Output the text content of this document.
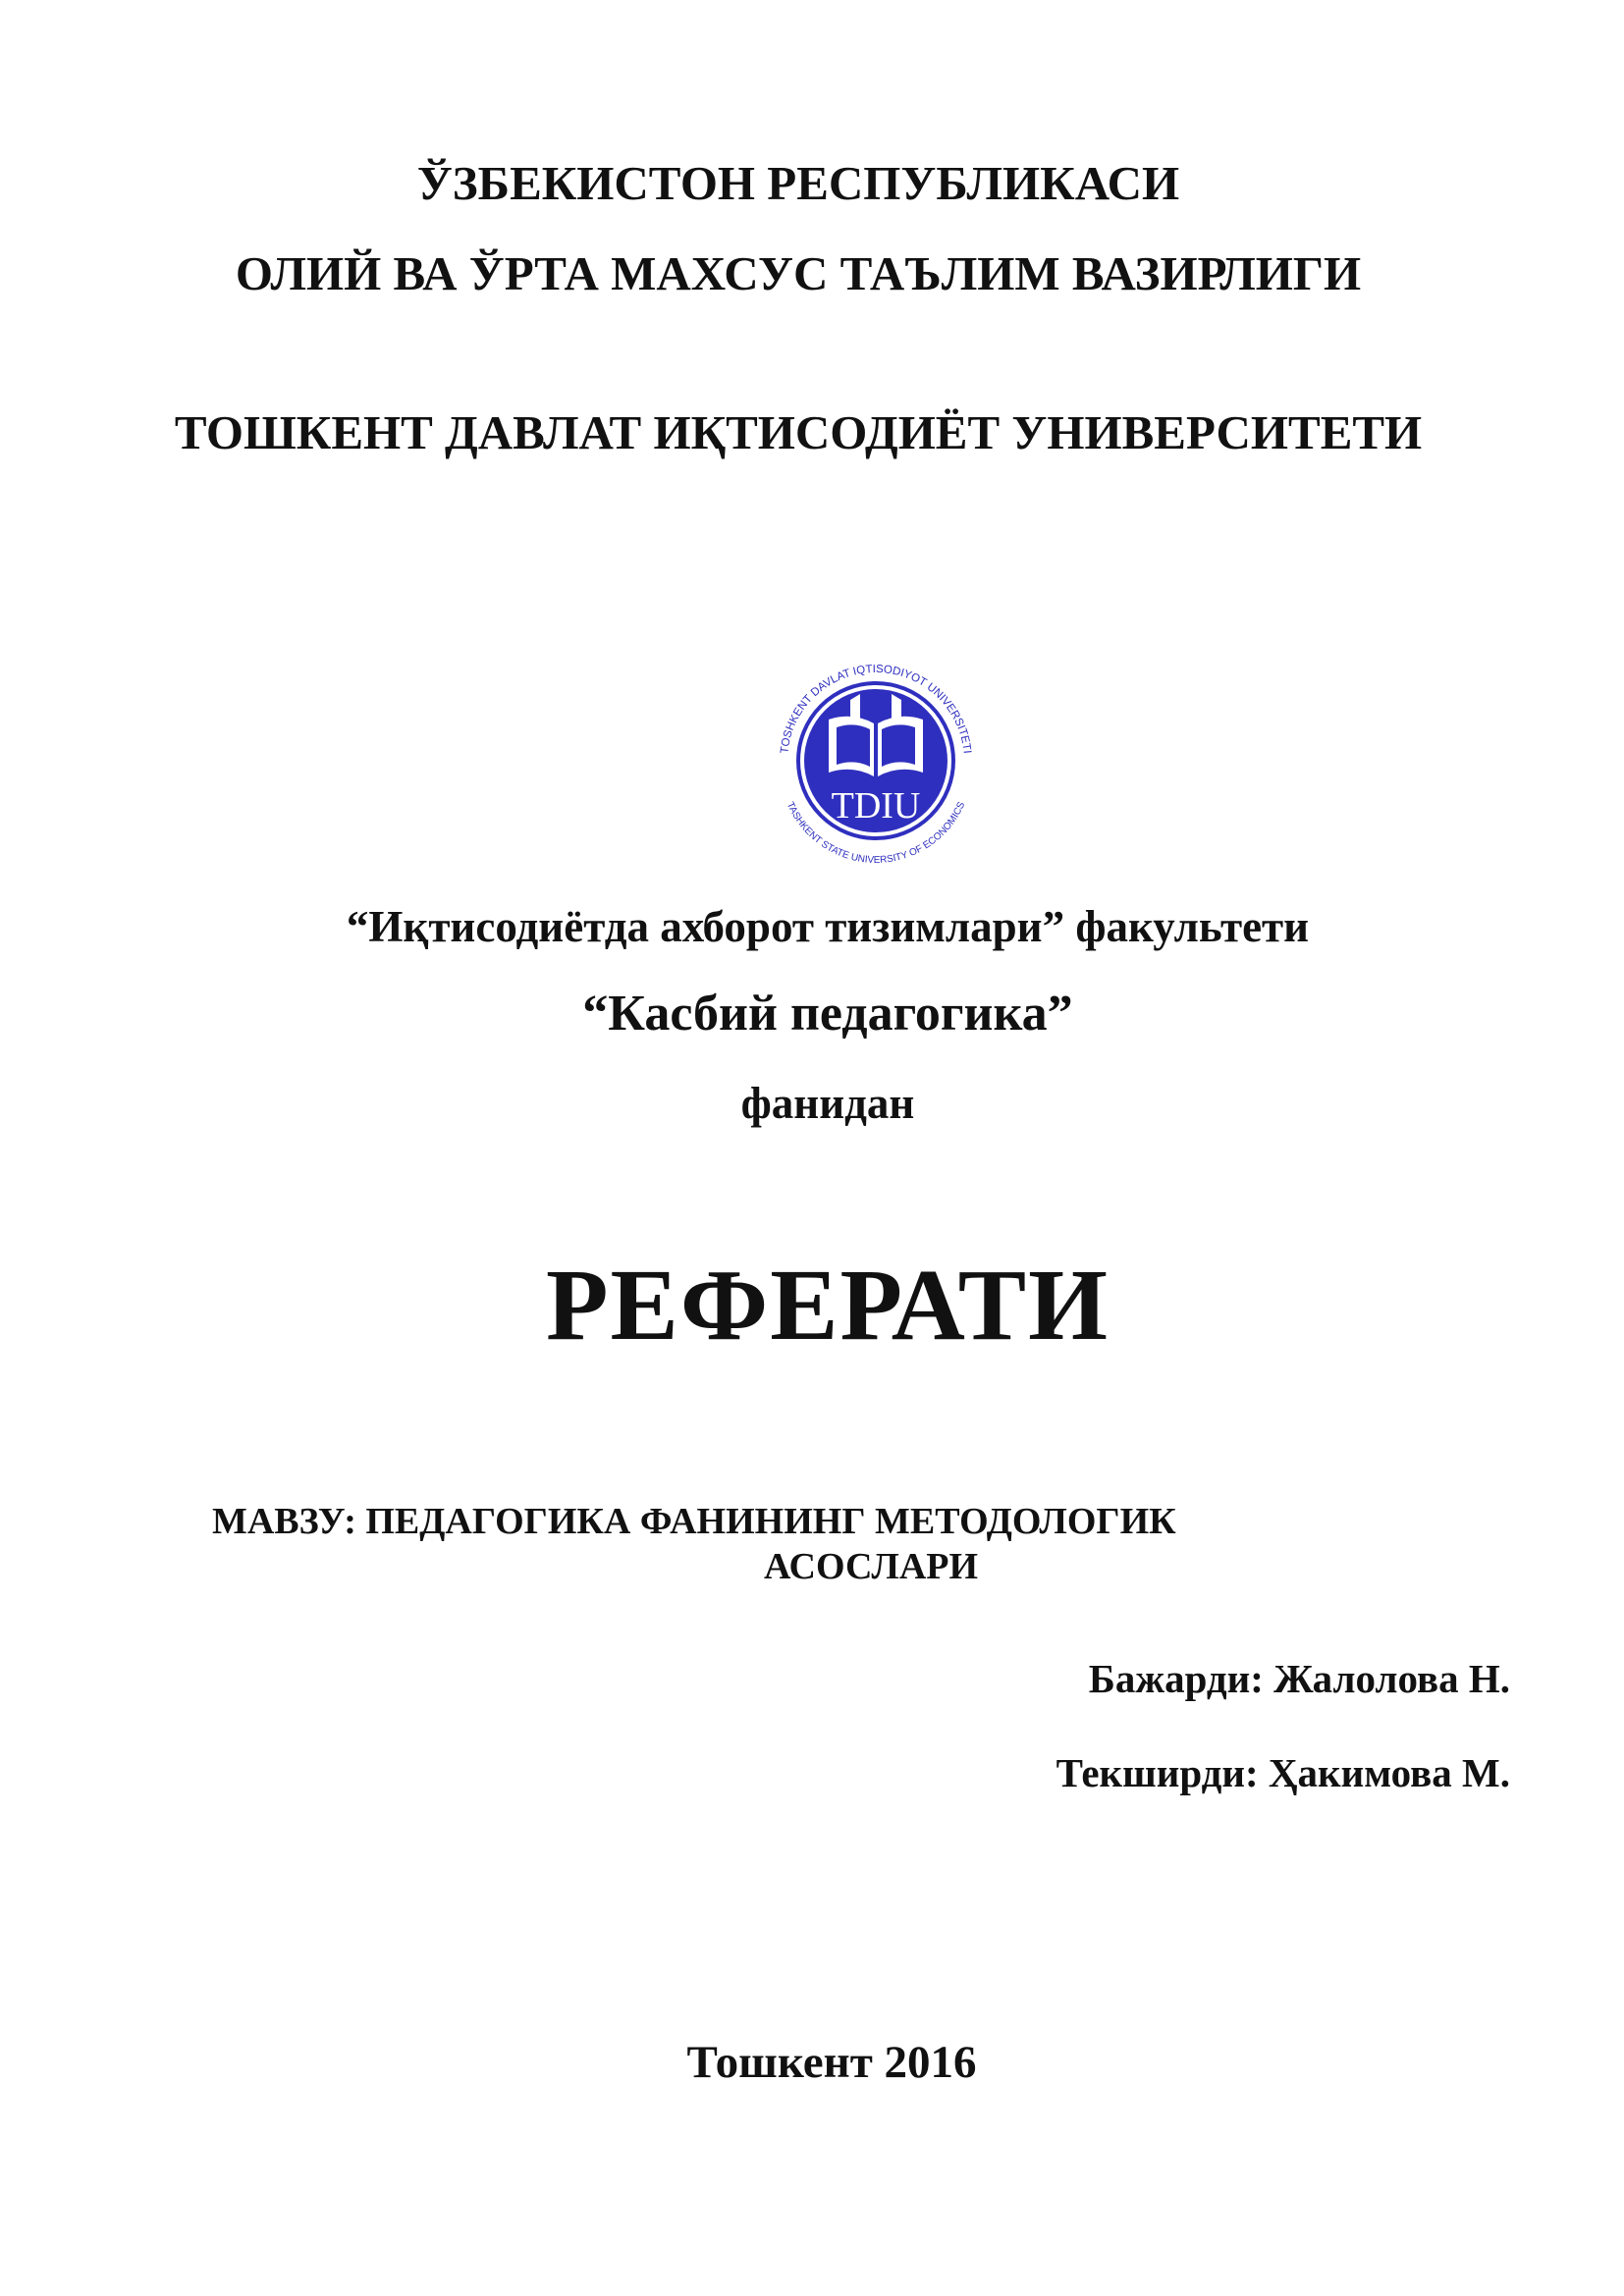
ЎЗБЕКИСТОН РЕСПУБЛИКАСИ
ОЛИЙ ВА ЎРТА МАХСУС ТАЪЛИМ ВАЗИРЛИГИ
ТОШКЕНТ ДАВЛАТ ИҚТИСОДИЁТ УНИВЕРСИТЕТИ
TDIU
TOSHKENT DAVLAT IQTISODIYOT UNIVERSITETI
TASHKENT STATE UNIVERSITY OF ECONOMICS
“Иқтисодиётда ахборот тизимлари” факультети
“Касбий педагогика”
фанидан
РЕФЕРАТИ
МАВЗУ: ПЕДАГОГИКА ФАНИНИНГ МЕТОДОЛОГИК
АСОСЛАРИ
Бажарди: Жалолова Н.
Текширди: Ҳакимова М.
Тошкент 2016
